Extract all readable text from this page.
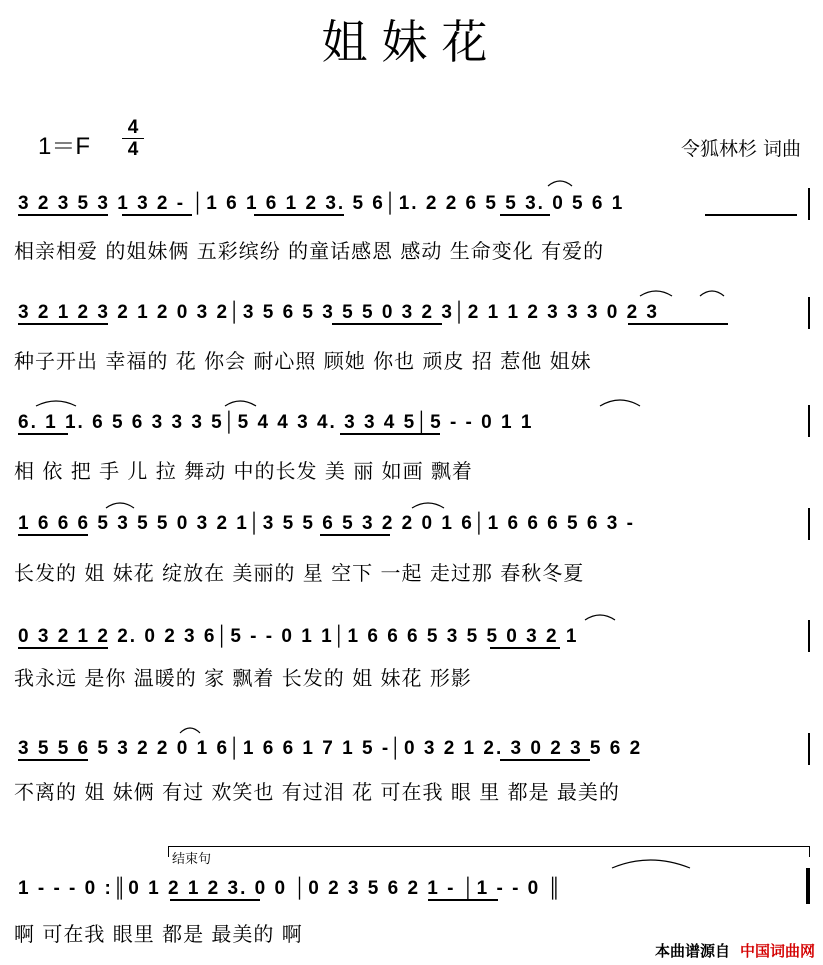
姐妹花
1＝F
4
4	令狐林杉 词曲
3 2 3 5 3 1 3 2 - │1 6 1 6 1 2 3. 5 6│1. 2 2 6 5 5 3. 0 5 6 1
相亲相爱 的姐妹俩 五彩缤纷 的童话感恩 感动 生命变化 有爱的
3 2 1 2 3 2 1 2 0 3 2│3 5 6 5 3 5 5 0 3 2 3│2 1 1 2 3 3 3 0 2 3
种子开出 幸福的 花 你会 耐心照 顾她 你也 顽皮 招 惹他 姐妹
6. 1 1. 6 5 6 3 3 3 5│5 4 4 3 4. 3 3 4 5│5 - - 0 1 1
相 依 把 手 儿 拉 舞动 中的长发 美 丽 如画 飘着
1 6 6 6 5 3 5 5 0 3 2 1│3 5 5 6 5 3 2 2 0 1 6│1 6 6 6 5 6 3 -
长发的 姐 妹花 绽放在 美丽的 星 空下 一起 走过那 春秋冬夏
0 3 2 1 2 2. 0 2 3 6│5 - - 0 1 1│1 6 6 6 5 3 5 5 0 3 2 1
我永远 是你 温暖的 家 飘着 长发的 姐 妹花 形影
3 5 5 6 5 3 2 2 0 1 6│1 6 6 1 7 1 5 -│0 3 2 1 2. 3 0 2 3 5 6 2
不离的 姐 妹俩 有过 欢笑也 有过泪 花 可在我 眼 里 都是 最美的
结束句
1 - - - 0 :║0 1 2 1 2 3. 0 0 │0 2 3 5 6 2 1 - │1 - - 0 ║
啊 可在我 眼里 都是 最美的 啊
本曲谱源自 中国词曲网
